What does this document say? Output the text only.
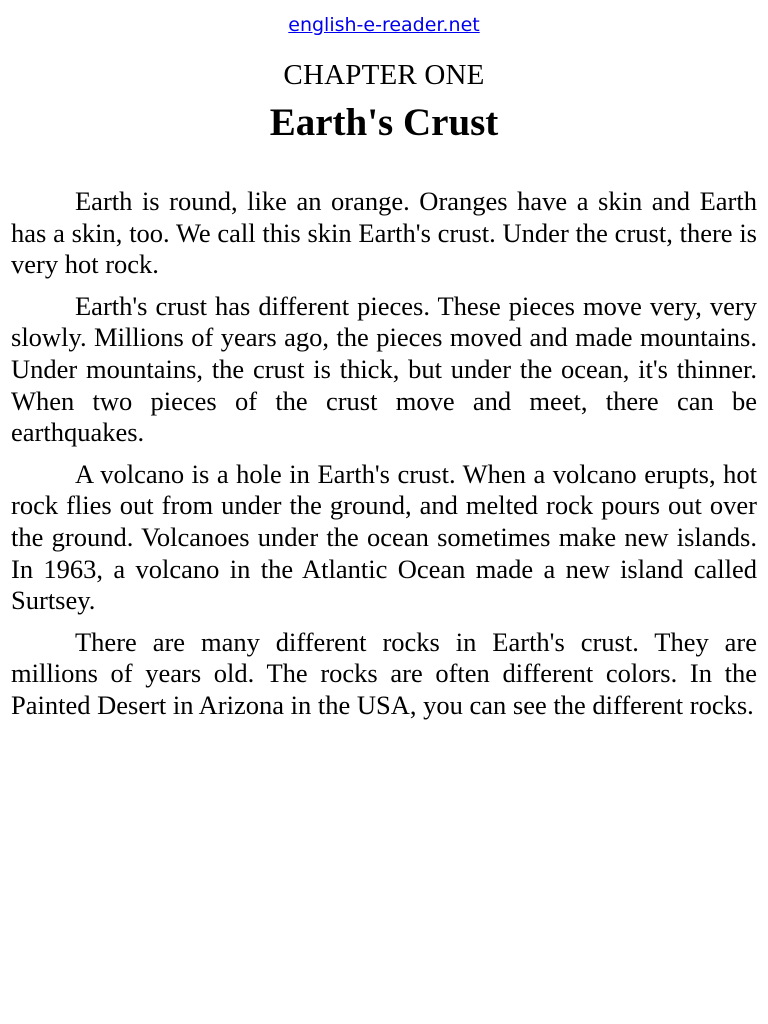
english-e-reader.net
CHAPTER ONE
Earth's Crust

Earth is round, like an orange. Oranges have a skin and Earth has a skin, too. We call this skin Earth's crust. Under the crust, there is very hot rock.

Earth's crust has different pieces. These pieces move very, very slowly. Millions of years ago, the pieces moved and made mountains. Under mountains, the crust is thick, but under the ocean, it's thinner. When two pieces of the crust move and meet, there can be earthquakes.

A volcano is a hole in Earth's crust. When a volcano erupts, hot rock flies out from under the ground, and melted rock pours out over the ground. Volcanoes under the ocean sometimes make new islands. In 1963, a volcano in the Atlantic Ocean made a new island called Surtsey.

There are many different rocks in Earth's crust. They are millions of years old. The rocks are often different colors. In the Painted Desert in Arizona in the USA, you can see the different rocks.
